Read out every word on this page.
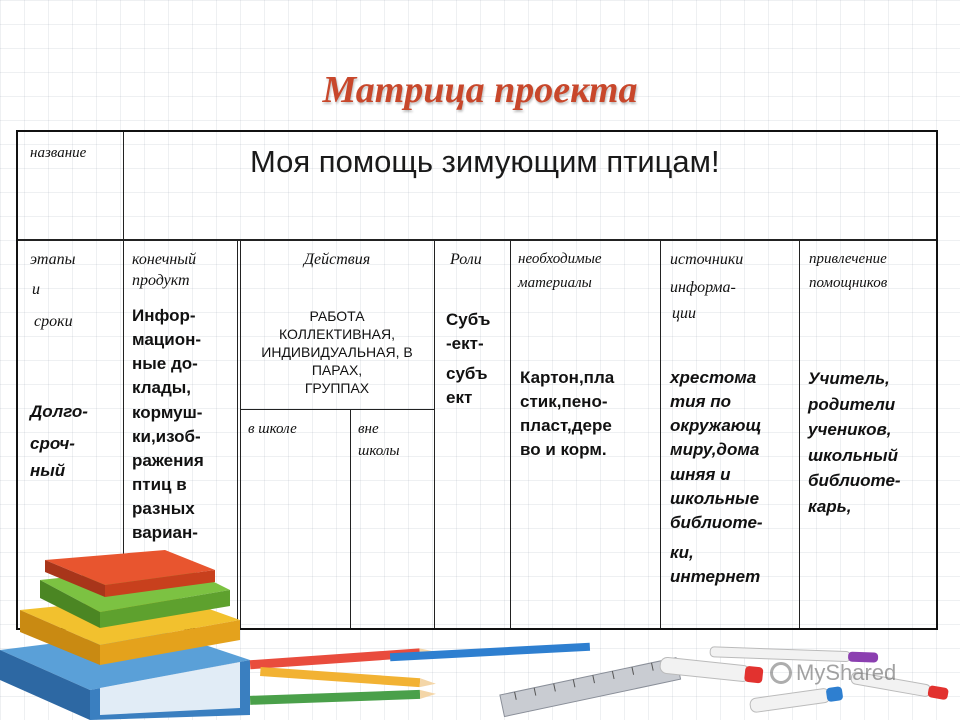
Матрица проекта
название	Моя помощь зимующим птицам!
этапы
и
сроки
Долго-
сроч-
ный
конечный
продукт
Инфор-
мацион-
ные до-
клады,
кормуш-
ки,изоб-
ражения
птиц в
разных
вариан-
Действия
РАБОТА
КОЛЛЕКТИВНАЯ,
ИНДИВИДУАЛЬНАЯ, В
ПАРАХ,
ГРУППАХ
в школе	вне
школы
Роли
Субъ
-ект-
субъ
ект
необходимые
материалы
Картон,пла
стик,пено-
пласт,дере
во и корм.
источники
информа-
ции
хрестома
тия по
окружающ
миру,дома
шняя и
школьные
библиоте-
ки,
интернет
привлечение
помощников
Учитель,
родители
учеников,
школьный
библиоте-
карь,
MyShared
